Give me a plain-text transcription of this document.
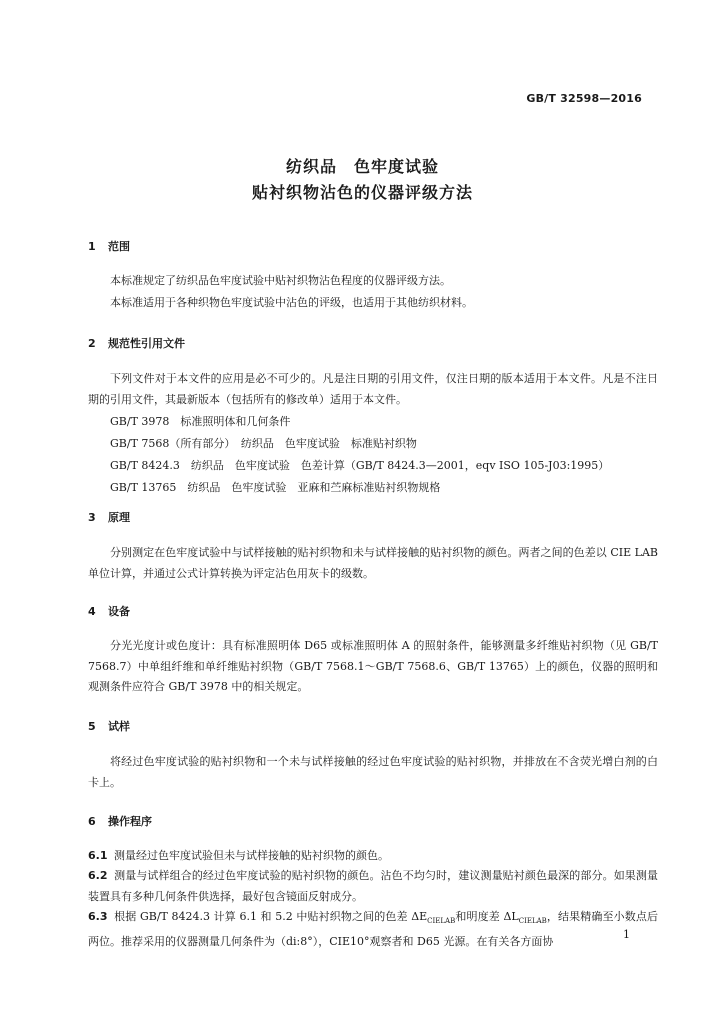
GB/T 32598—2016
纺织品　色牢度试验
贴衬织物沾色的仪器评级方法
1 范围
本标准规定了纺织品色牢度试验中贴衬织物沾色程度的仪器评级方法。
本标准适用于各种织物色牢度试验中沾色的评级，也适用于其他纺织材料。
2 规范性引用文件
下列文件对于本文件的应用是必不可少的。凡是注日期的引用文件，仅注日期的版本适用于本文件。凡是不注日期的引用文件，其最新版本（包括所有的修改单）适用于本文件。
GB/T 3978　标准照明体和几何条件
GB/T 7568（所有部分）　纺织品　色牢度试验　标准贴衬织物
GB/T 8424.3　纺织品　色牢度试验　色差计算（GB/T 8424.3—2001，eqv ISO 105-J03:1995）
GB/T 13765　纺织品　色牢度试验　亚麻和苎麻标准贴衬织物规格
3 原理
分别测定在色牢度试验中与试样接触的贴衬织物和未与试样接触的贴衬织物的颜色。两者之间的色差以 CIE LAB 单位计算，并通过公式计算转换为评定沾色用灰卡的级数。
4 设备
分光光度计或色度计：具有标准照明体 D65 或标准照明体 A 的照射条件，能够测量多纤维贴衬织物（见 GB/T 7568.7）中单组纤维和单纤维贴衬织物（GB/T 7568.1～GB/T 7568.6、GB/T 13765）上的颜色，仪器的照明和观测条件应符合 GB/T 3978 中的相关规定。
5 试样
将经过色牢度试验的贴衬织物和一个未与试样接触的经过色牢度试验的贴衬织物，并排放在不含荧光增白剂的白卡上。
6 操作程序
6.1 测量经过色牢度试验但未与试样接触的贴衬织物的颜色。
6.2 测量与试样组合的经过色牢度试验的贴衬织物的颜色。沾色不均匀时，建议测量贴衬颜色最深的部分。如果测量装置具有多种几何条件供选择，最好包含镜面反射成分。
6.3 根据 GB/T 8424.3 计算 6.1 和 5.2 中贴衬织物之间的色差 $\Delta E_{CIELAB}$和明度差 $\Delta L_{CIELAB}$，结果精确至小数点后两位。推荐采用的仪器测量几何条件为（di:8°），CIE10°观察者和 D65 光源。在有关各方面协
1
